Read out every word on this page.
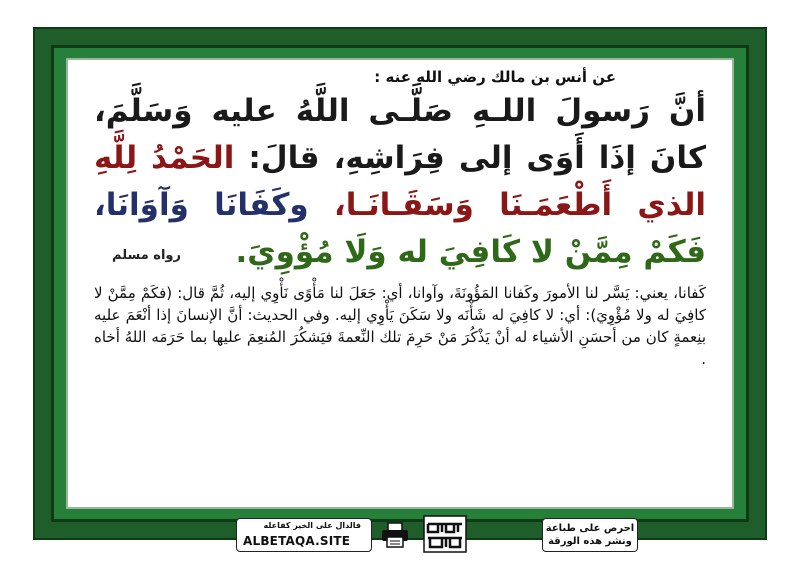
عن أنس بن مالك رضي الله عنه :
أنَّ رَسولَ اللـهِ صَلَّـى اللَّهُ عليه وَسَلَّمَ،
كانَ إذَا أَوَى إلى فِرَاشِهِ، قالَ: الحَمْدُ لِلَّهِ
الذي أَطْعَمَـنَا وَسَقَـانَـا، وكَفَانَا وَآوَانَا،
فَكَمْ مِمَّنْ لا كَافِيَ له وَلَا مُؤْوِيَ.
رواه مسلم
كَفانا، يعني: يَسَّر لنا الأمورَ وكَفانا المَؤُونَةَ، وآوانا، أي: جَعَلَ لنا مَأْوًى نَأْوِي إليه، ثُمَّ قال: (فكَمْ مِمَّنْ لا كافِيَ له ولا مُؤْوِيَ): أي: لا كافِيَ له شَأْنَه ولا سَكَنَ يَأْوِي إليه. وفي الحديث: أنَّ الإنسانَ إذا أنْعَمَ عليه بنِعمةٍ كان من أحسَنِ الأشياء له أنْ يَذْكُرَ مَنْ حَرِمَ تلك النِّعمةَ فيَشكُرَ المُنعِمَ عليها بما حَرَمَه اللهُ أخاه .
فالدال على الخير كفاعله
ALBETAQA.SITE
احرص على طباعة ونشر هذه الورقة
